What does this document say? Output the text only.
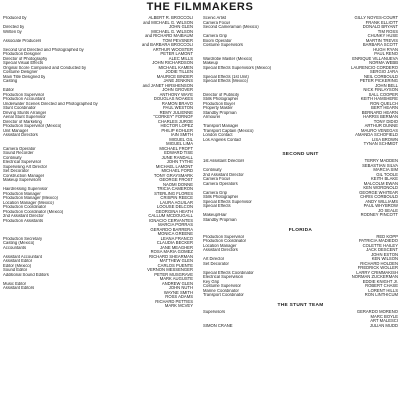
THE FILMMAKERS
Produced by	ALBERT R. BROCCOLI
and MICHAEL G. WILSON
Directed by	JOHN GLEN
Written by	MICHAEL G. WILSON
and RICHARD MAIBAUM
Associate Producers	TOM PEVSNER
and BARBARA BROCCOLI
Second Unit Directed and Photographed by	ARTHUR WOOSTER
Production Designer	PETER LAMONT
Director of Photography	ALEC MILLS
Special Visual Effects	JOHN RICHARDSON
Original Score Composed and Conducted by	MICHAEL KAMEN
Costume Designer	JODIE TILLEN
Main Title Designed by	MAURICE BINDER
Casting	JANE JENKINS
and JANET HIRSHENSON
Editor	JOHN GROVER
Production Supervisor	ANTHONY WAYE
Production Accountant	DOUGLAS NOAKES
Underwater Scenes Directed and Photographed by	RAMON BRAVO
Stunt Coordinator	PAUL WESTON
Driving Stunts Arranger	REMY JULIENNE
Aerial Stunt Supervisor	"CORKEY" FORNOF
Director of Marketing	CHARLES JUROE
Production Supervisor (Mexico)	HECTOR LOPEZ
Unit Manager	PHILIP KOHLER
Assistant Directors	IAIN SMITH
MIGUEL GIL
MIGUEL LIMA
Camera Operator	MICHAEL FROFT
Sound Recorder	EDWARD TISE
Continuity	JUNE RANDALL
Electrical Supervisor	JOHN TYTHE
Supervising Art Director	MICHAEL LAMONT
Set Decorator	MICHAEL FORD
Construction Manager	TONY GRAYSMARK
Makeup Supervisors	GEORGE FROST
NAOMI DONNE
Hairdressing Supervisor	TRICIA CAMERON
Production Manager	STERLING FLORES
Production Manager (Mexico)	CRISPIN REECE
Location Manager (Mexico)	LAURA AGUILAR
Production Coordinator	LOOUSE DELCON
Production Coordinator (Mexico)	GEORGINA HEATH
2nd Assistant Director	CALLUM MCDOUGALL
Production Assistants	IGNACIO CERVANTES
MARCIA PORRAS
GERARDO BARRERA
MONICA GREENE
Production Secretary	LEANA FRANCO
Casting (Mexico)	CLAUDIA BECKER
Accountants	JANE MEAGHER
ROSA MARIA GOMEZ
Assistant Accountant	RICHARD SHEARMAN
Assistant Editor	MATTHEW GLEN
Editor (Mexico)	CARLOS PUENTE
Sound Editor	VERNON MESSENGER
Additional Sound Editors	PETER MUSGRAVE
MARK AUGUSTE
Music Editor	ANDREW GLEN
Assistant Editors	JOHN NUTH
WAYNE SMITH
ROSS ADAMS
RICHARD PETTIES
MARK MCVEY
Scenic Artist	GILLY NOYES-COURT
Camera Focus	FRANK ELLIOTT
Second Cameraman (Mexico)	DONALD BRYANT
TIM ROSS
Camera Grip	CHUNKY HUSE
Boom Operator	MARTIN TREVIS
Costume Supervisors	BARBARA SCOTT
HUGH RYAN
PAUL RENO
Wardrobe Master (Mexico)	ENRIQUE VILLANUEVA
Makeup	NORMA WEBB
Special Effects Supervisors (Mexico)	LAURENCIO CORDERO
SERGIO JARA
Special Effects (1st Unit)	NEIL CORBOULD
Special Effects (Mexico)	PETER PICKERING
JOHN BELL
NICK FINLAYSON
Director of Publicity	SALL COOPER
Stills Photographer	KEITH HAMSHERE
Production Buyer	RON QUELCH
Property Master	BERT HEARN
Standby Propman	BERNARD HEARN
Armourer	HARRIS BERMAN
TONY DIDIO
Transport Manager	ARTHUR DUNNE
Transport Captain (Mexico)	MAURO VENEGAS
London Contact	AMANDA SCHOFIELD
Los Angeles Contact	LISA BROWN
TYNAN SCHMIDT
SECOND UNIT
1st Assistant Directors	TERRY MADDEN
SEBASTIAN SILVA
Continuity	MARCIA SIM
2nd Assistant Director	GIL TOOLE
Camera Focus	KEITH BLAKE
Camera Operators	MALCOLM EWAN
KEN WORDNOLD
Camera Grip	GEORGE WHITEAR
Stills Photographer	CHRIS CORBOULD
Special Effects Supervisor	ANDY WILLIAMS
Special Effects	PAUL WHYBROW
JO SEALE
Makeup/Hair	RODNEY PINCOTT
Standby Propman
FLORIDA
Production Supervisor	RED KOPP
Production Coordinator	PATRICIA MADIEDO
Location Manager	COLETTE HAILEY
Assistant Directors	JACK DESCENT
JOHN ESTON
Art Director	KEN WILSON
Set Decorator	RICHARD HOLDEN
FREDRICK WOLLER
Special Effects Coordinator	LARRY CRIMMAKISH
Electrical Supervision	NORMAN ZUCKERMAN
Key Grip	EDDIE KNIGHT Jr.
Costume Supervisor	ROBERT CHASE
Marine Coordinator	LORENT HILLS
Transport Coordinator	RON LINTHICUM
THE STUNT TEAM
Supervisors	GERARDO MORENO
MARC BOYLE
ART MALESCI
SIMON CRANE	JULIAN MUDD
